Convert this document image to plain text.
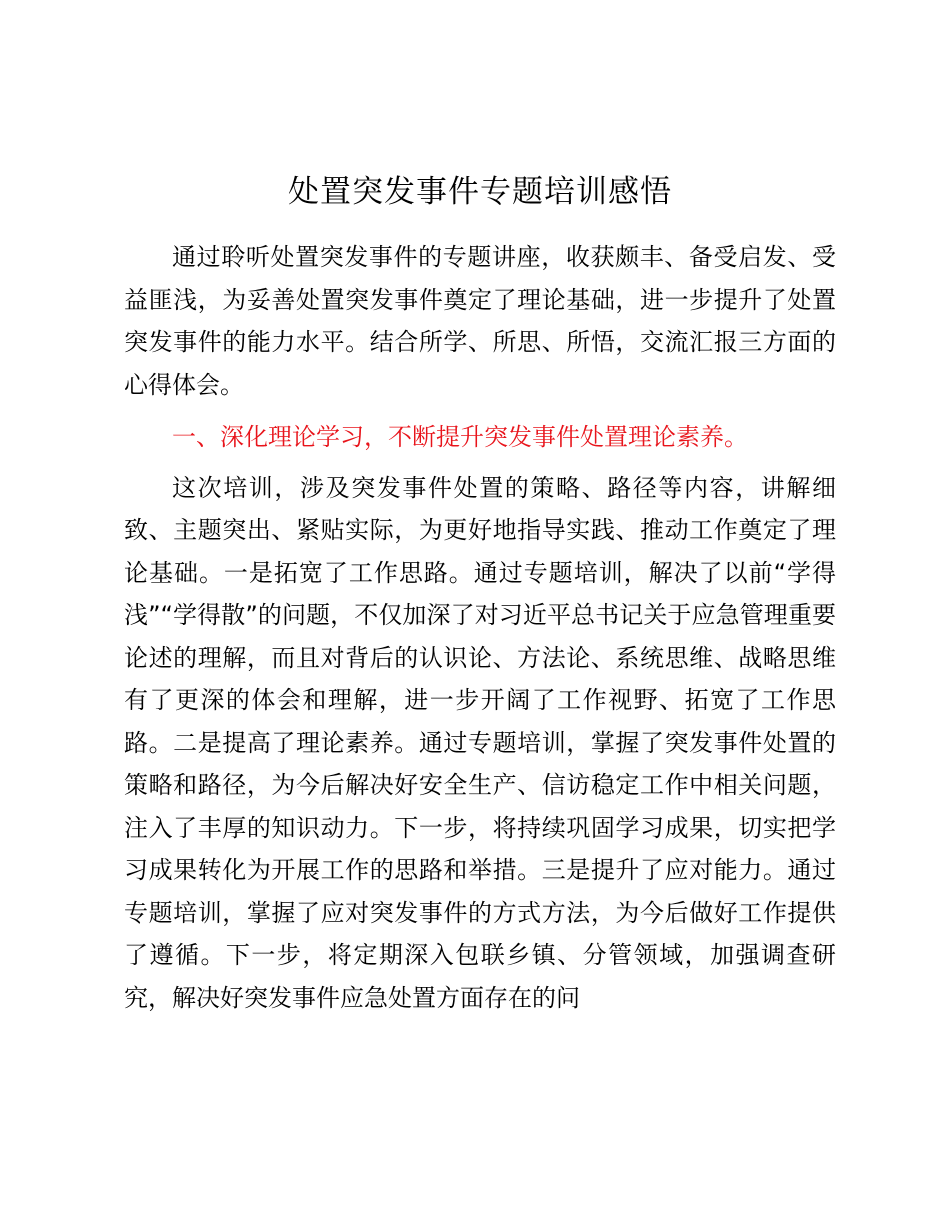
处置突发事件专题培训感悟

通过聆听处置突发事件的专题讲座，收获颇丰、备受启发、受益匪浅，为妥善处置突发事件奠定了理论基础，进一步提升了处置突发事件的能力水平。结合所学、所思、所悟，交流汇报三方面的心得体会。

一、深化理论学习，不断提升突发事件处置理论素养。

这次培训，涉及突发事件处置的策略、路径等内容，讲解细致、主题突出、紧贴实际，为更好地指导实践、推动工作奠定了理论基础。一是拓宽了工作思路。通过专题培训，解决了以前“学得浅”“学得散”的问题，不仅加深了对习近平总书记关于应急管理重要论述的理解，而且对背后的认识论、方法论、系统思维、战略思维有了更深的体会和理解，进一步开阔了工作视野、拓宽了工作思路。二是提高了理论素养。通过专题培训，掌握了突发事件处置的策略和路径，为今后解决好安全生产、信访稳定工作中相关问题，注入了丰厚的知识动力。下一步，将持续巩固学习成果，切实把学习成果转化为开展工作的思路和举措。三是提升了应对能力。通过专题培训，掌握了应对突发事件的方式方法，为今后做好工作提供了遵循。下一步，将定期深入包联乡镇、分管领域，加强调查研究，解决好突发事件应急处置方面存在的问
